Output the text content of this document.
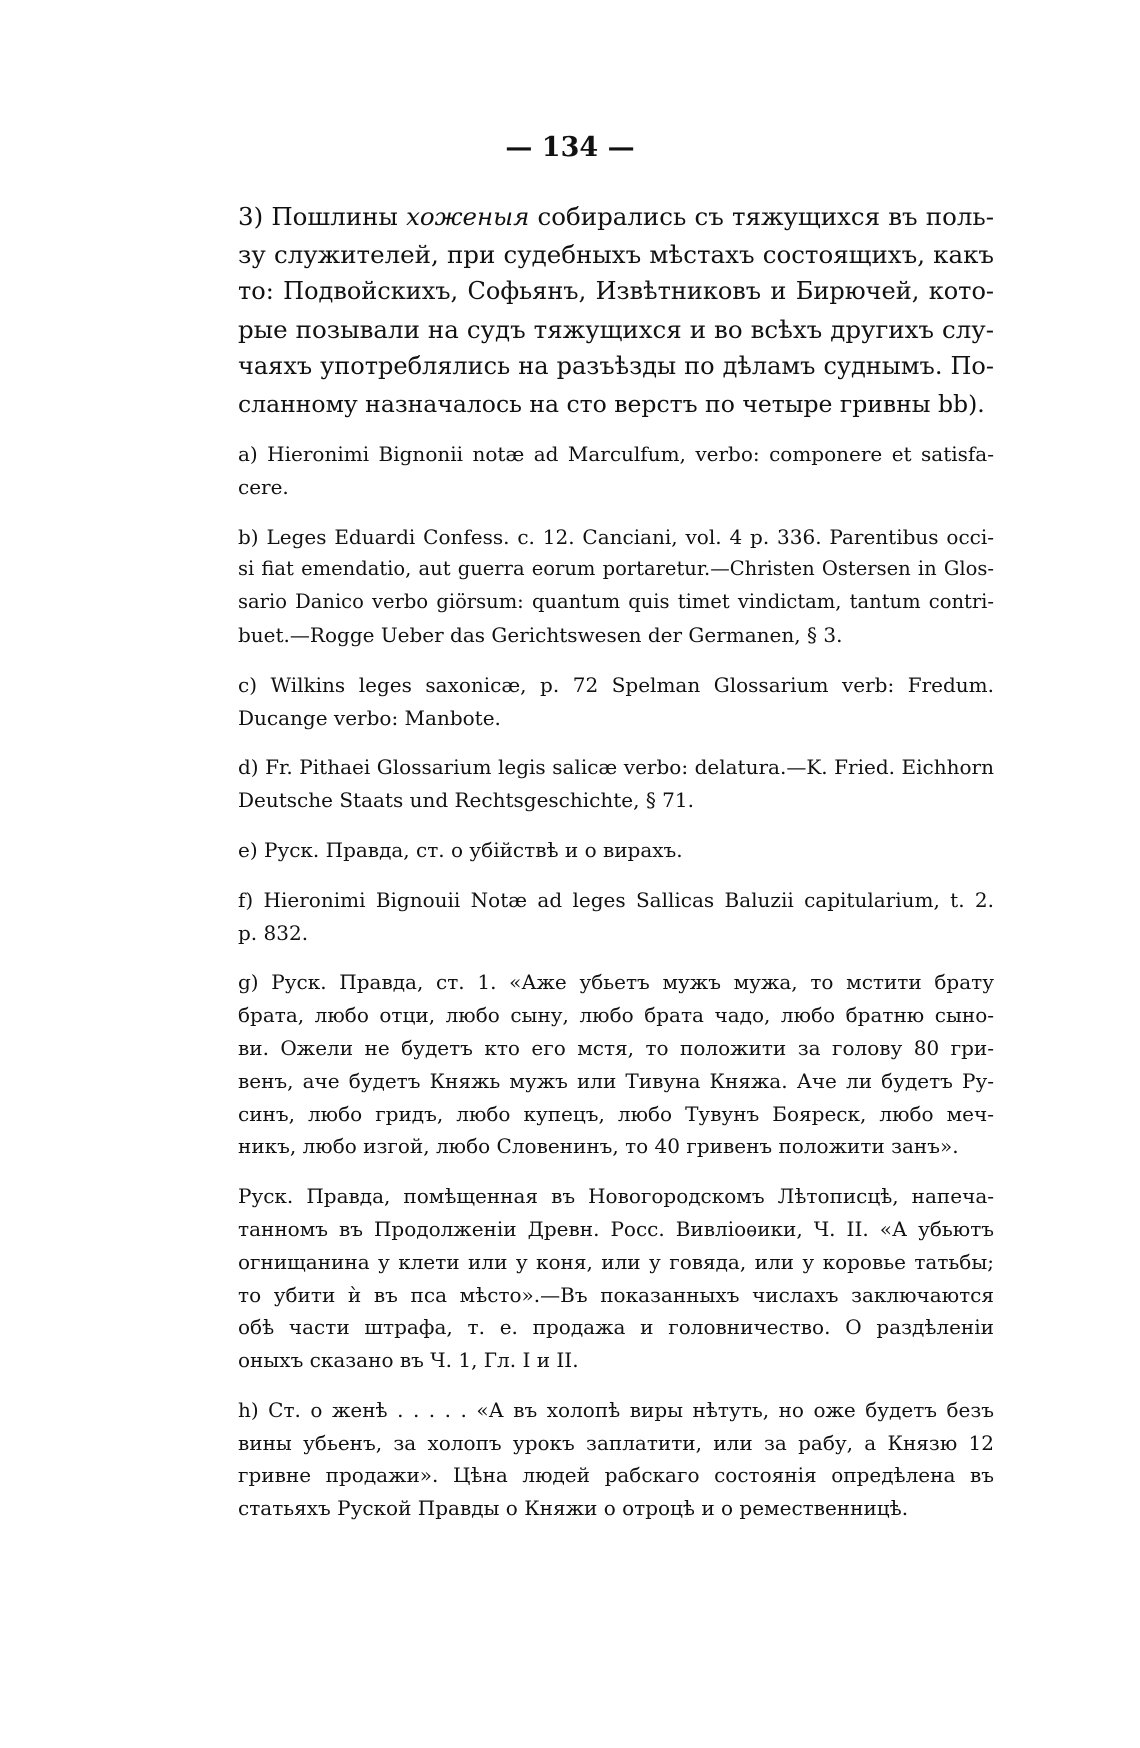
— 134 —
3) Пошлины хоженыя собирались съ тяжущихся въ поль-
зу служителей, при судебныхъ мѣстахъ состоящихъ, какъ
то: Подвойскихъ, Софьянъ, Извѣтниковъ и Бирючей, кото-
рые позывали на судъ тяжущихся и во всѣхъ другихъ слу-
чаяхъ употреблялись на разъѣзды по дѣламъ суднымъ. По-
сланному назначалось на сто верстъ по четыре гривны bb).
a) Hieronimi Bignonii notæ ad Marculfum, verbo: componere et satisfa-
cere.
b) Leges Eduardi Confess. c. 12. Canciani, vol. 4 p. 336. Parentibus occi-
si fiat emendatio, aut guerra eorum portaretur.—Christen Ostersen in Glos-
sario Danico verbo giörsum: quantum quis timet vindictam, tantum contri-
buet.—Rogge Ueber das Gerichtswesen der Germanen, § 3.
c) Wilkins leges saxonicæ, p. 72 Spelman Glossarium verb: Fredum.
Ducange verbo: Manbote.
d) Fr. Pithaei Glossarium legis salicæ verbo: delatura.—K. Fried. Eichhorn
Deutsche Staats und Rechtsgeschichte, § 71.
e) Руск. Правда, ст. о убійствѣ и о вирахъ.
f) Hieronimi Bignouii Notæ ad leges Sallicas Baluzii capitularium, t. 2.
p. 832.
g) Руск. Правда, ст. 1. «Аже убьетъ мужъ мужа, то мстити брату
брата, любо отци, любо сыну, любо брата чадо, любо братню сыно-
ви. Ожели не будетъ кто его мстя, то положити за голову 80 гри-
венъ, аче будетъ Княжь мужъ или Тивуна Княжа. Аче ли будетъ Ру-
синъ, любо гридъ, любо купецъ, любо Тувунъ Бояреск, любо меч-
никъ, любо изгой, любо Словенинъ, то 40 гривенъ положити занъ».
Руск. Правда, помѣщенная въ Новогородскомъ Лѣтописцѣ, напеча-
танномъ въ Продолженіи Древн. Росс. Вивліоѳики, Ч. II. «А убьютъ
огнищанина у клети или у коня, или у говяда, или у коровье татьбы;
то убити ѝ въ пса мѣсто».—Въ показанныхъ числахъ заключаются
обѣ части штрафа, т. е. продажа и головничество. О раздѣленіи
оныхъ сказано въ Ч. 1, Гл. I и II.
h) Ст. о женѣ . . . . . «А въ холопѣ виры нѣтуть, но оже будетъ безъ
вины убьенъ, за холопъ урокъ заплатити, или за рабу, а Князю 12
гривне продажи». Цѣна людей рабскаго состоянія опредѣлена въ
статьяхъ Руской Правды о Княжи о отроцѣ и о ремественницѣ.
